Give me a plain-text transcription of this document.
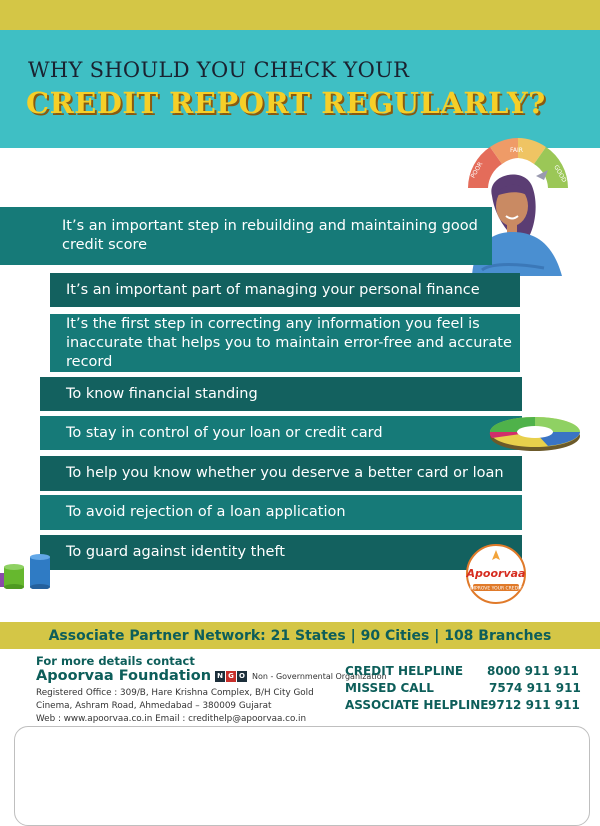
WHY SHOULD YOU CHECK YOUR
CREDIT REPORT REGULARLY?
POOR
FAIR
GOOD
It’s an important step in rebuilding and maintaining good credit score
It’s an important part of managing your personal finance
It’s the first step in correcting any information you feel is inaccurate that helps you to maintain error-free and accurate record
To know financial standing
To stay in control of your loan or credit card
To help you know whether you deserve a better card or loan
To avoid rejection of a loan application
To guard against identity theft
Apoorvaa
IMPROVE YOUR CREDIT
Associate Partner Network: 21 States | 90 Cities | 108 Branches
For more details contact
Apoorvaa Foundation N G O Non - Governmental Organization
Registered Office : 309/B, Hare Krishna Complex, B/H City Gold
Cinema, Ashram Road, Ahmedabad – 380009 Gujarat
Web : www.apoorvaa.co.in Email : credithelp@apoorvaa.co.in
CREDIT HELPLINE 8000 911 911
MISSED CALL	7574 911 911
ASSOCIATE HELPLINE 9712 911 911
